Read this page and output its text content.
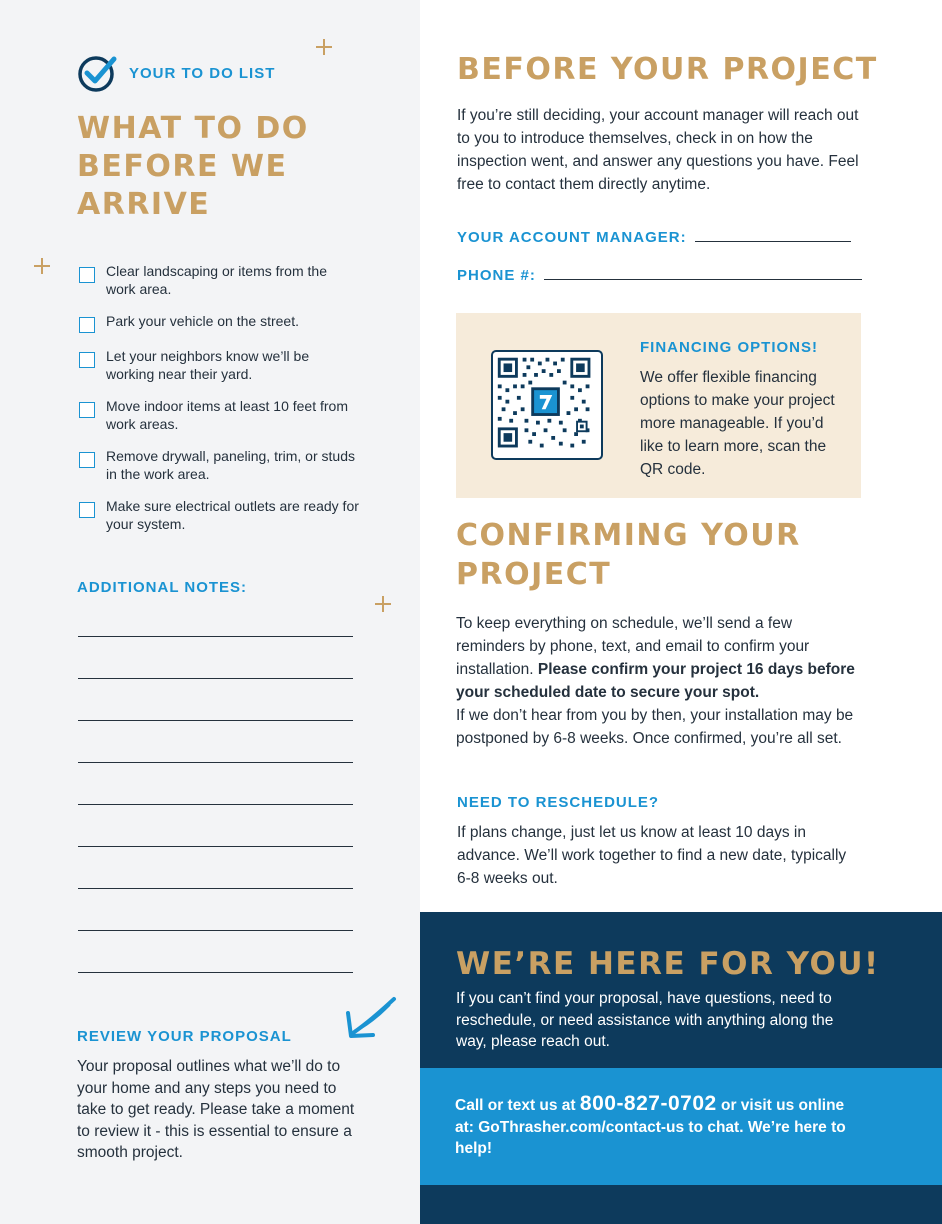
YOUR TO DO LIST
WHAT TO DO BEFORE WE ARRIVE
Clear landscaping or items from the work area.
Park your vehicle on the street.
Let your neighbors know we’ll be working near their yard.
Move indoor items at least 10 feet from work areas.
Remove drywall, paneling, trim, or studs in the work area.
Make sure electrical outlets are ready for your system.
ADDITIONAL NOTES:
REVIEW YOUR PROPOSAL

Your proposal outlines what we’ll do to your home and any steps you need to take to get ready. Please take a moment to review it - this is essential to ensure a smooth project.

BEFORE YOUR PROJECT

If you’re still deciding, your account manager will reach out to you to introduce themselves, check in on how the inspection went, and answer any questions you have. Feel free to contact them directly anytime.

YOUR ACCOUNT MANAGER:
PHONE #:
FINANCING OPTIONS!

We offer flexible financing options to make your project more manageable. If you’d like to learn more, scan the QR code.

CONFIRMING YOUR PROJECT

To keep everything on schedule, we’ll send a few reminders by phone, text, and email to confirm your installation. Please confirm your project 16 days before your scheduled date to secure your spot.
If we don’t hear from you by then, your installation may be postponed by 6-8 weeks. Once confirmed, you’re all set.

NEED TO RESCHEDULE?

If plans change, just let us know at least 10 days in advance. We’ll work together to find a new date, typically 6-8 weeks out.

WE’RE HERE FOR YOU!

If you can’t find your proposal, have questions, need to reschedule, or need assistance with anything along the way, please reach out.

Call or text us at 800-827-0702 or visit us online at: GoThrasher.com/contact-us to chat. We’re here to help!
